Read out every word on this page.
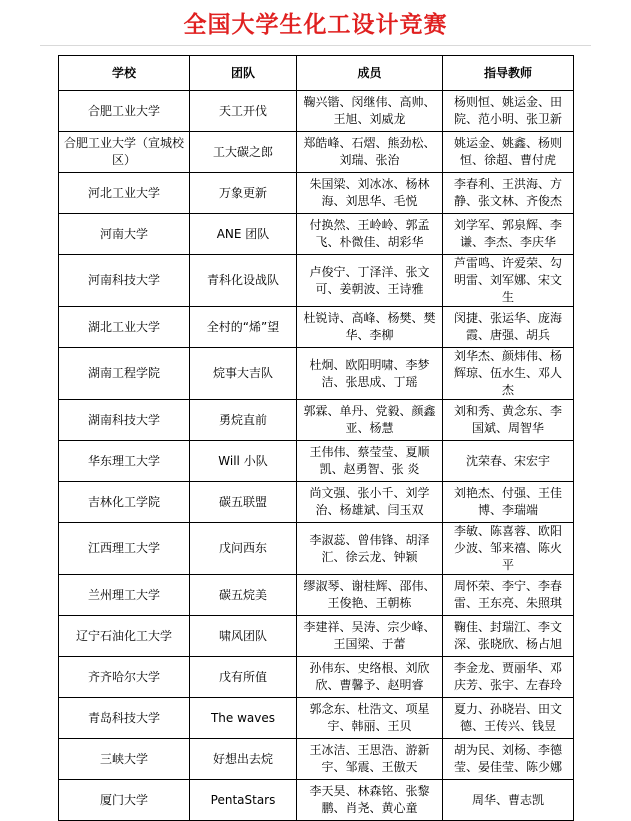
全国大学生化工设计竞赛
学校	团队	成员	指导教师
合肥工业大学	天工开伐	鞠兴锴、闵继伟、高帅、王旭、刘威龙	杨则恒、姚运金、田院、范小明、张卫新
合肥工业大学（宣城校区）	工大碳之郎	郑皓峰、石熠、熊劲松、刘瑞、张治	姚运金、姚鑫、杨则恒、徐超、曹付虎
河北工业大学	万象更新	朱国梁、刘冰冰、杨林海、刘思华、毛悦	李春利、王洪海、方静、张文林、齐俊杰
河南大学	ANE 团队	付换然、王岭岭、郭孟飞、朴微佳、胡彩华	刘学军、郭泉辉、李谦、李杰、李庆华
河南科技大学	青科化设战队	卢俊宁、丁泽洋、张文可、姜朝波、王诗雅	芦雷鸣、许爱荣、勾明雷、刘军娜、宋文生
湖北工业大学	全村的“烯”望	杜锐诗、高峰、杨樊、樊华、李柳	闵捷、张运华、庞海霞、唐强、胡兵
湖南工程学院	烷事大吉队	杜炯、欧阳明啸、李梦洁、张思成、丁瑶	刘华杰、颜炜伟、杨辉琼、伍水生、邓人杰
湖南科技大学	勇烷直前	郭霖、单丹、党毅、颜鑫亚、杨慧	刘和秀、黄念东、李国斌、周智华
华东理工大学	Will 小队	王伟伟、蔡莹莹、夏顺凯、赵勇智、张 炎	沈荣春、宋宏宇
吉林化工学院	碳五联盟	尚文强、张小千、刘学治、杨雄斌、闫玉双	刘艳杰、付强、王佳博、李瑞端
江西理工大学	戊问西东	李淑蕊、曾伟锋、胡泽汇、徐云龙、钟颖	李敏、陈喜蓉、欧阳少波、邹来禧、陈火平
兰州理工大学	碳五烷美	缪淑琴、谢桂辉、邵伟、王俊艳、王朝栋	周怀荣、李宁、李春雷、王东亮、朱照琪
辽宁石油化工大学	啸风团队	李建祥、吴涛、宗少峰、王国梁、于蕾	鞠佳、封瑞江、李文深、张晓欣、杨占旭
齐齐哈尔大学	戊有所值	孙伟东、史络根、刘欣欣、曹馨予、赵明睿	李金龙、贾丽华、邓庆芳、张宇、左春玲
青岛科技大学	The waves	郭念东、杜浩文、项星宇、韩丽、王贝	夏力、孙晓岩、田文德、王传兴、钱昱
三峡大学	好想出去烷	王冰洁、王思浩、游新宇、邹震、王傲天	胡为民、刘杨、李德莹、晏佳莹、陈少娜
厦门大学	PentaStars	李天昊、林森铭、张黎鹏、肖尧、黄心童	周华、曹志凯
